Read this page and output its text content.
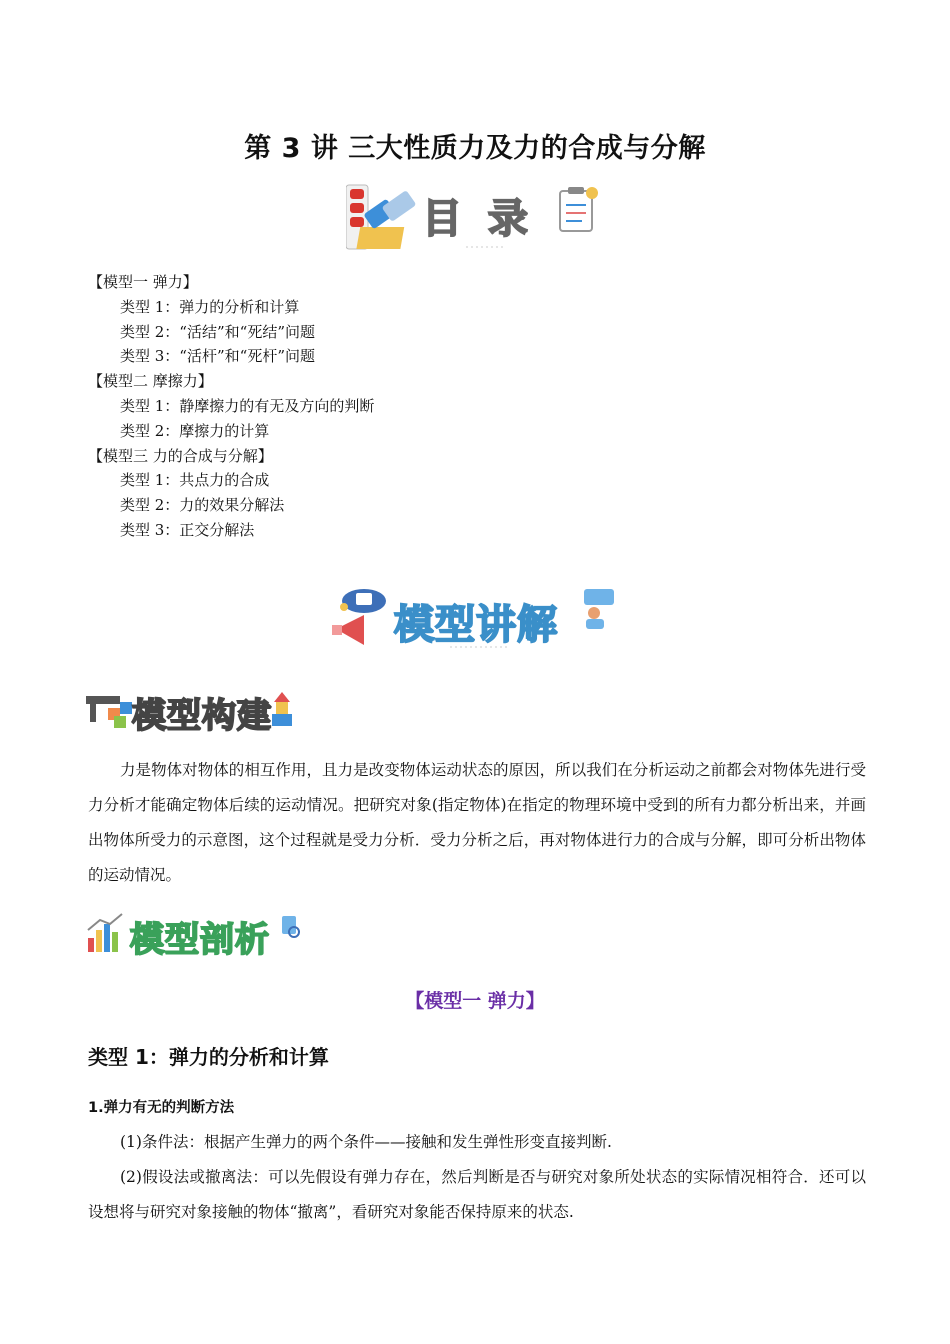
第 3 讲 三大性质力及力的合成与分解
目 录

【模型一 弹力】

类型 1：弹力的分析和计算

类型 2：“活结”和“死结”问题

类型 3：“活杆”和“死杆”问题

【模型二 摩擦力】

类型 1：静摩擦力的有无及方向的判断

类型 2：摩擦力的计算

【模型三 力的合成与分解】

类型 1：共点力的合成

类型 2：力的效果分解法

类型 3：正交分解法

模型讲解
模型构建

力是物体对物体的相互作用，且力是改变物体运动状态的原因，所以我们在分析运动之前都会对物体先进行受力分析才能确定物体后续的运动情况。把研究对象(指定物体)在指定的物理环境中受到的所有力都分析出来，并画出物体所受力的示意图，这个过程就是受力分析．受力分析之后，再对物体进行力的合成与分解，即可分析出物体的运动情况。

模型剖析
【模型一 弹力】
类型 1：弹力的分析和计算
1.弹力有无的判断方法

(1)条件法：根据产生弹力的两个条件——接触和发生弹性形变直接判断.

(2)假设法或撤离法：可以先假设有弹力存在，然后判断是否与研究对象所处状态的实际情况相符合．还可以设想将与研究对象接触的物体“撤离”，看研究对象能否保持原来的状态.
